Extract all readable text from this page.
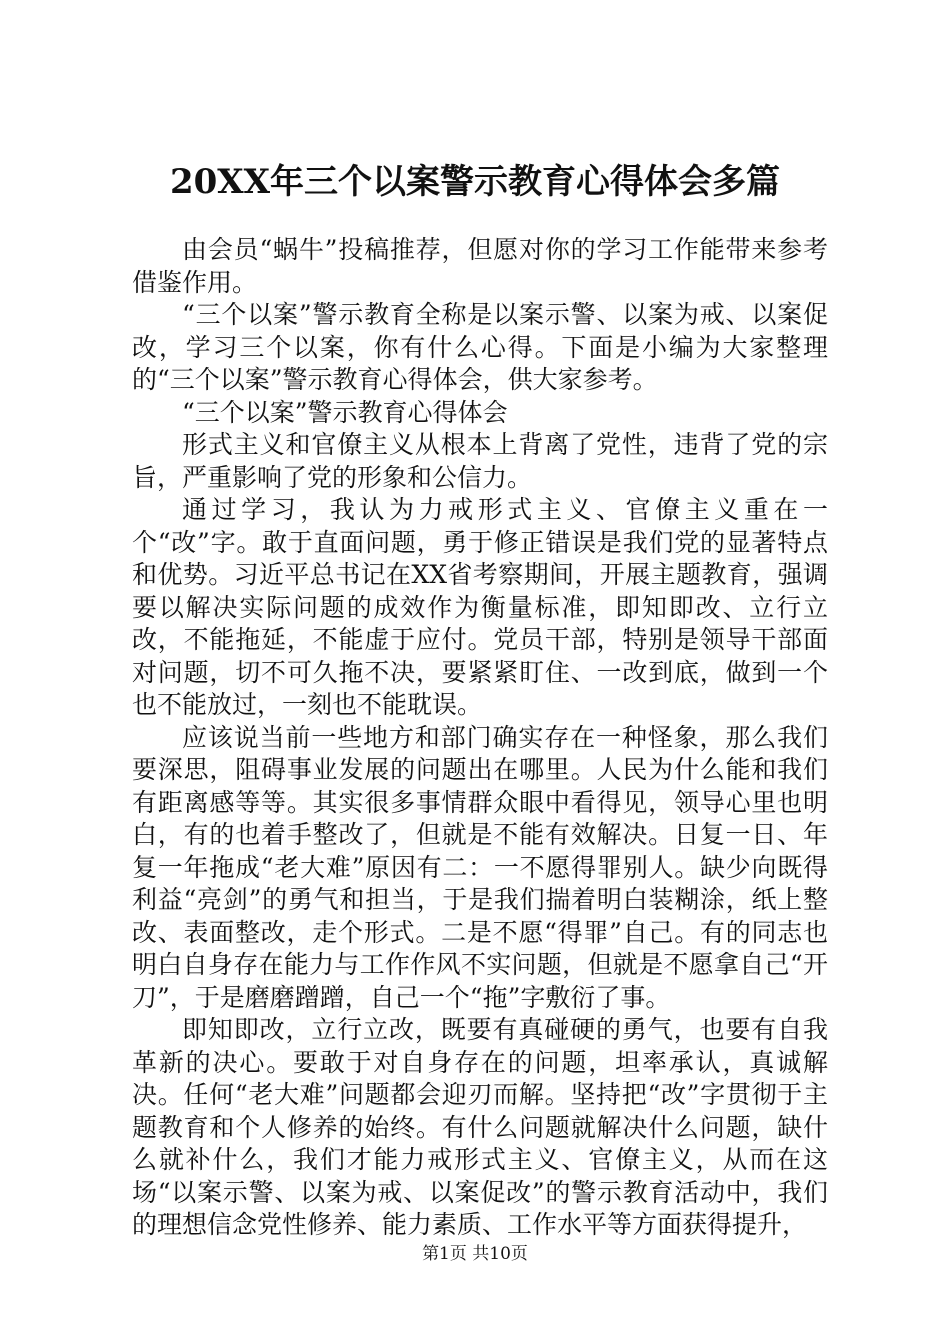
20XX年三个以案警示教育心得体会多篇

由会员“蜗牛”投稿推荐，但愿对你的学习工作能带来参考借鉴作用。

“三个以案”警示教育全称是以案示警、以案为戒、以案促改，学习三个以案，你有什么心得。下面是小编为大家整理的“三个以案”警示教育心得体会，供大家参考。

“三个以案”警示教育心得体会

形式主义和官僚主义从根本上背离了党性，违背了党的宗旨，严重影响了党的形象和公信力。

通过学习，我认为力戒形式主义、官僚主义重在一个“改”字。敢于直面问题，勇于修正错误是我们党的显著特点和优势。习近平总书记在XX省考察期间，开展主题教育，强调要以解决实际问题的成效作为衡量标准，即知即改、立行立改，不能拖延，不能虚于应付。党员干部，特别是领导干部面对问题，切不可久拖不决，要紧紧盯住、一改到底，做到一个也不能放过，一刻也不能耽误。

应该说当前一些地方和部门确实存在一种怪象，那么我们要深思，阻碍事业发展的问题出在哪里。人民为什么能和我们有距离感等等。其实很多事情群众眼中看得见，领导心里也明白，有的也着手整改了，但就是不能有效解决。日复一日、年复一年拖成“老大难”原因有二：一不愿得罪别人。缺少向既得利益“亮剑”的勇气和担当，于是我们揣着明白装糊涂，纸上整改、表面整改，走个形式。二是不愿“得罪”自己。有的同志也明白自身存在能力与工作作风不实问题，但就是不愿拿自己“开刀”，于是磨磨蹭蹭，自己一个“拖”字敷衍了事。

即知即改，立行立改，既要有真碰硬的勇气，也要有自我革新的决心。要敢于对自身存在的问题，坦率承认，真诚解决。任何“老大难”问题都会迎刃而解。坚持把“改”字贯彻于主题教育和个人修养的始终。有什么问题就解决什么问题，缺什么就补什么，我们才能力戒形式主义、官僚主义，从而在这场“以案示警、以案为戒、以案促改”的警示教育活动中，我们的理想信念党性修养、能力素质、工作水平等方面获得提升，

第1页 共10页
